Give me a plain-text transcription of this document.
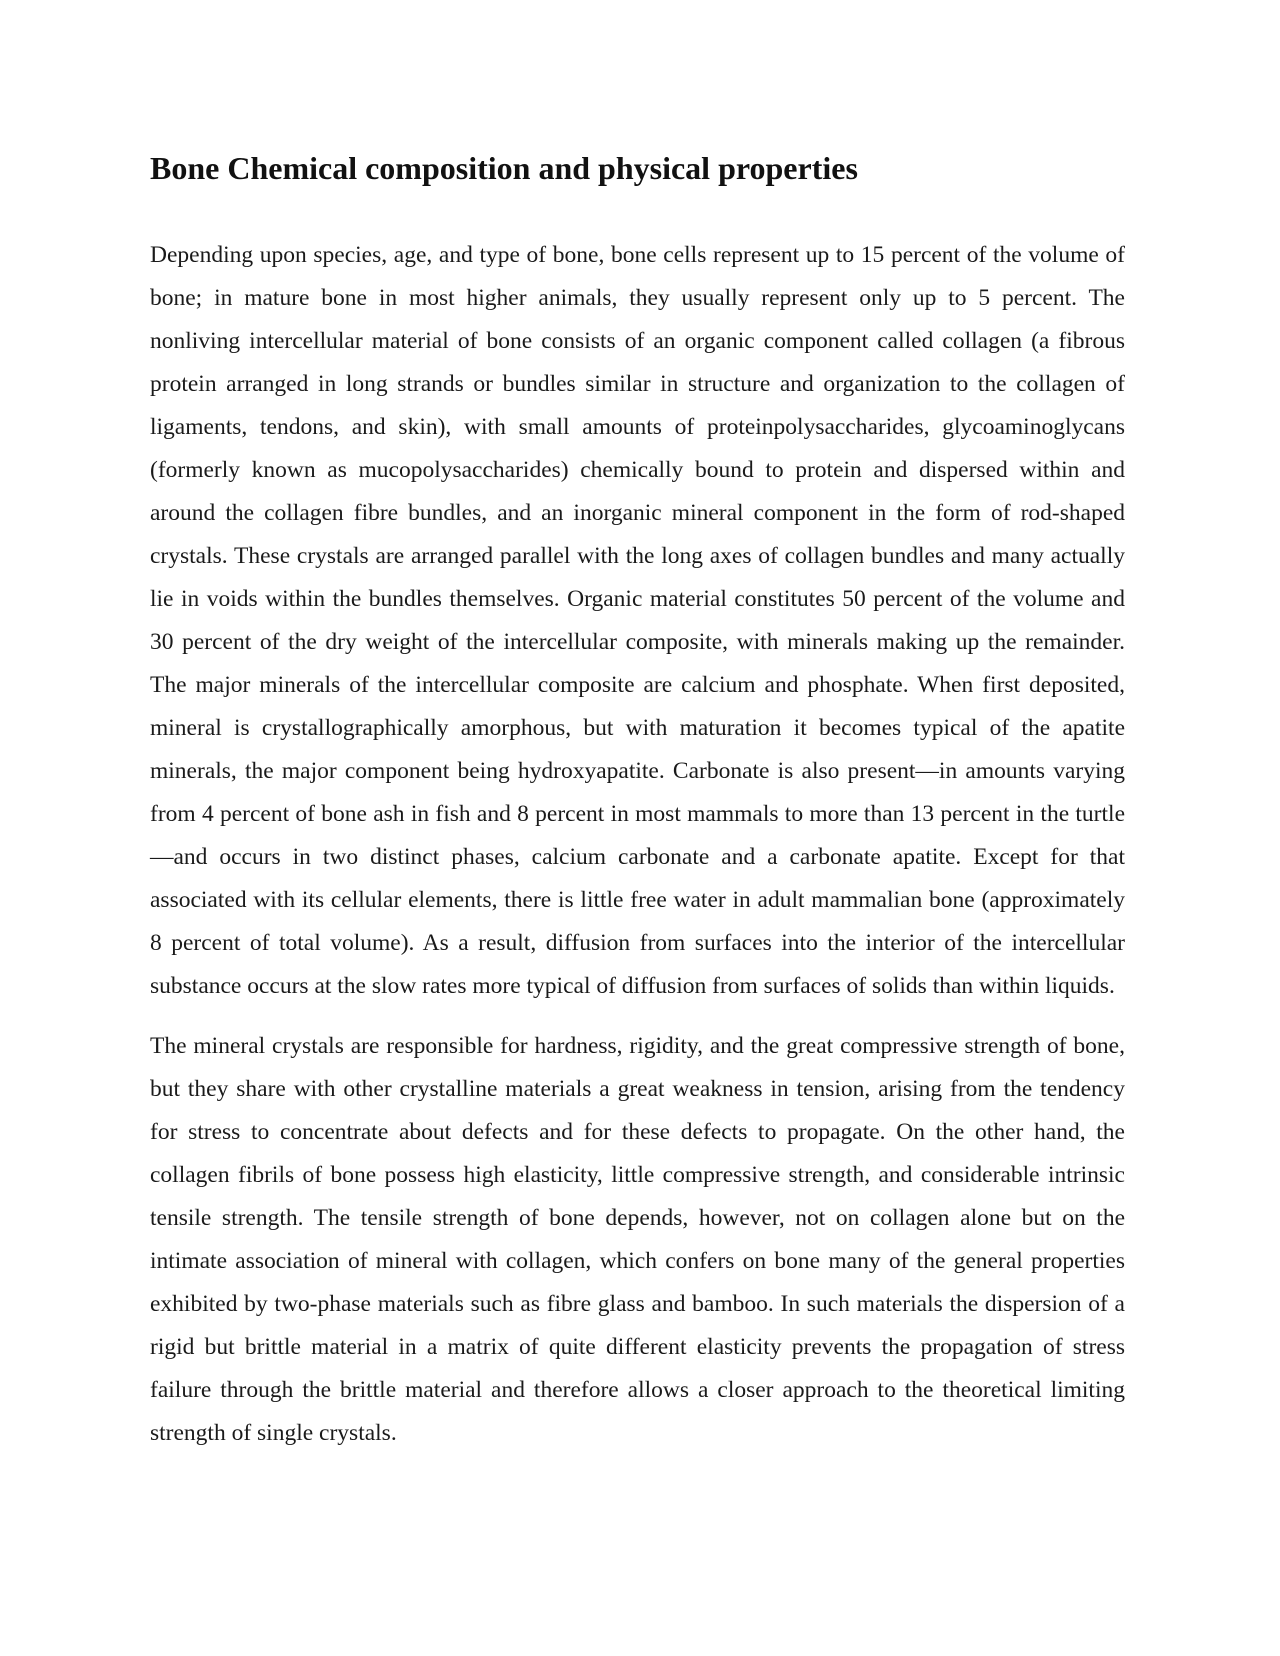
Bone Chemical composition and physical properties

Depending upon species, age, and type of bone, bone cells represent up to 15 percent of the volume of bone; in mature bone in most higher animals, they usually represent only up to 5 percent. The nonliving intercellular material of bone consists of an organic component called collagen (a fibrous protein arranged in long strands or bundles similar in structure and organization to the collagen of ligaments, tendons, and skin), with small amounts of proteinpolysaccharides, glycoaminoglycans (formerly known as mucopolysaccharides) chemically bound to protein and dispersed within and around the collagen fibre bundles, and an inorganic mineral component in the form of rod-shaped crystals. These crystals are arranged parallel with the long axes of collagen bundles and many actually lie in voids within the bundles themselves. Organic material constitutes 50 percent of the volume and 30 percent of the dry weight of the intercellular composite, with minerals making up the remainder. The major minerals of the intercellular composite are calcium and phosphate. When first deposited, mineral is crystallographically amorphous, but with maturation it becomes typical of the apatite minerals, the major component being hydroxyapatite. Carbonate is also present—in amounts varying from 4 percent of bone ash in fish and 8 percent in most mammals to more than 13 percent in the turtle—and occurs in two distinct phases, calcium carbonate and a carbonate apatite. Except for that associated with its cellular elements, there is little free water in adult mammalian bone (approximately 8 percent of total volume). As a result, diffusion from surfaces into the interior of the intercellular substance occurs at the slow rates more typical of diffusion from surfaces of solids than within liquids.

The mineral crystals are responsible for hardness, rigidity, and the great compressive strength of bone, but they share with other crystalline materials a great weakness in tension, arising from the tendency for stress to concentrate about defects and for these defects to propagate. On the other hand, the collagen fibrils of bone possess high elasticity, little compressive strength, and considerable intrinsic tensile strength. The tensile strength of bone depends, however, not on collagen alone but on the intimate association of mineral with collagen, which confers on bone many of the general properties exhibited by two-phase materials such as fibre glass and bamboo. In such materials the dispersion of a rigid but brittle material in a matrix of quite different elasticity prevents the propagation of stress failure through the brittle material and therefore allows a closer approach to the theoretical limiting strength of single crystals.
